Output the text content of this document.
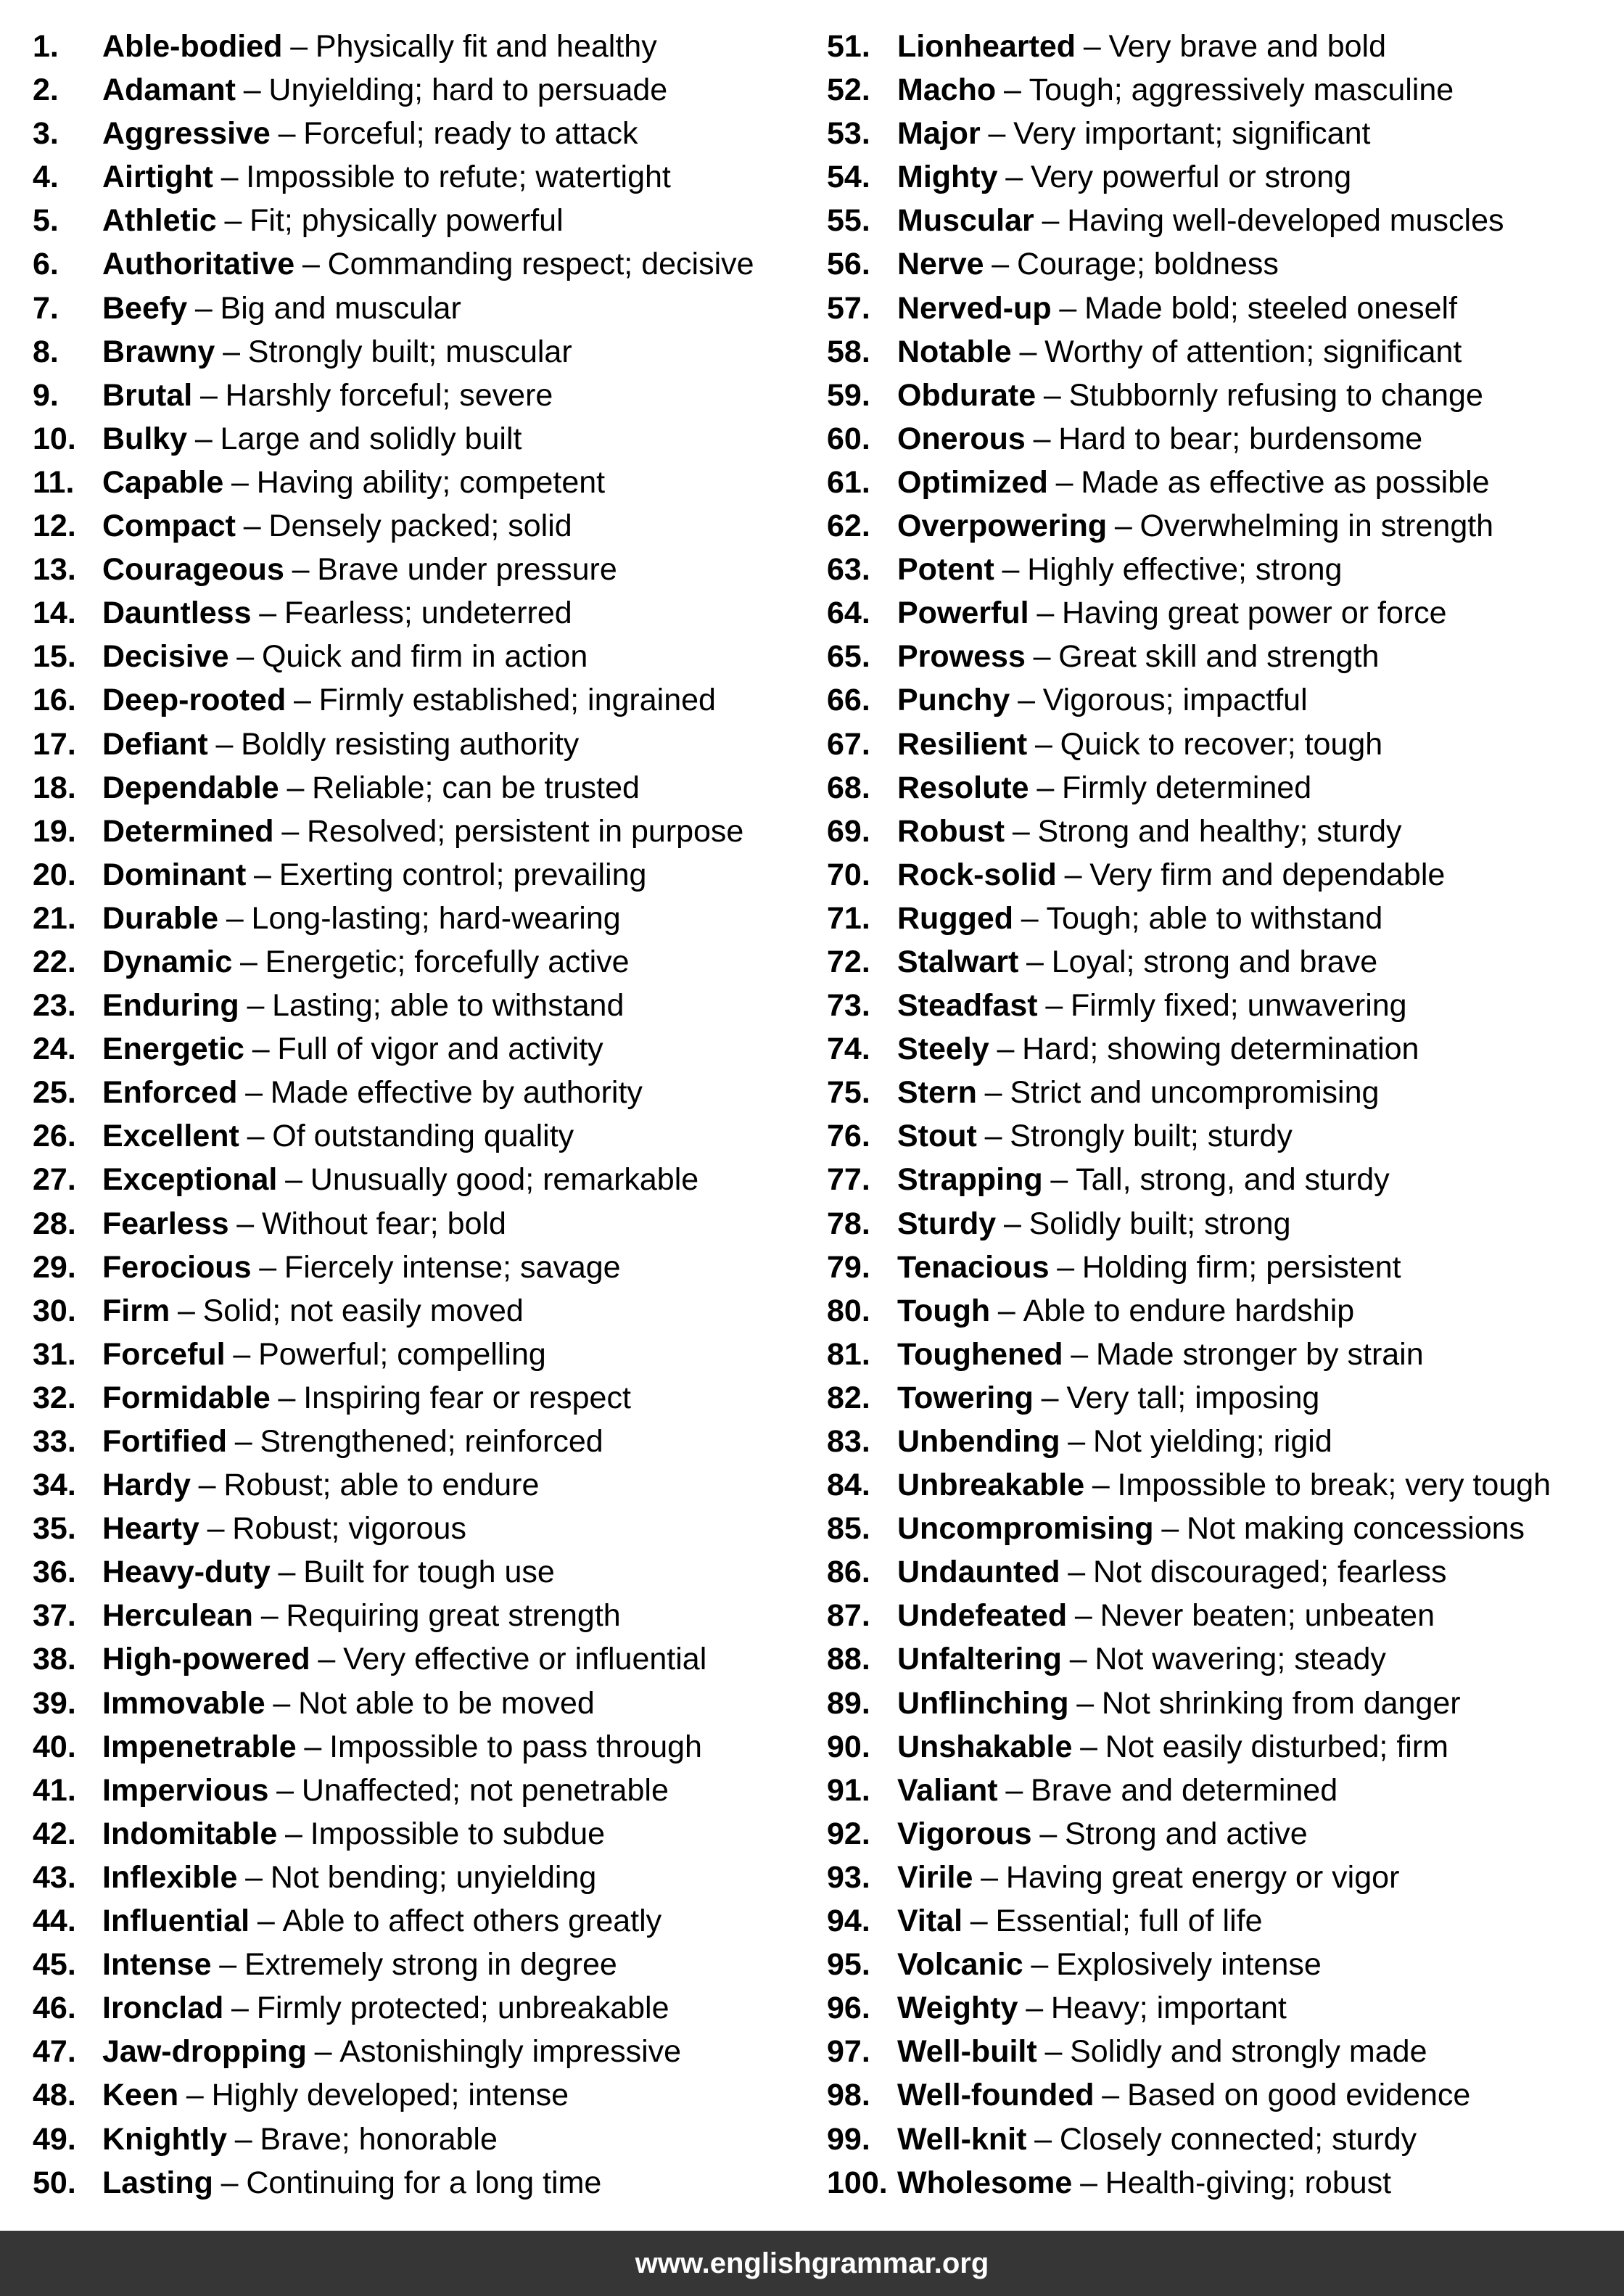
1.	Able-bodied – Physically fit and healthy
2.	Adamant – Unyielding; hard to persuade
3.	Aggressive – Forceful; ready to attack
4.	Airtight – Impossible to refute; watertight
5.	Athletic – Fit; physically powerful
6.	Authoritative – Commanding respect; decisive
7.	Beefy – Big and muscular
8.	Brawny – Strongly built; muscular
9.	Brutal – Harshly forceful; severe
10. Bulky – Large and solidly built
11. Capable – Having ability; competent
12. Compact – Densely packed; solid
13. Courageous – Brave under pressure
14. Dauntless – Fearless; undeterred
15. Decisive – Quick and firm in action
16. Deep-rooted – Firmly established; ingrained
17. Defiant – Boldly resisting authority
18. Dependable – Reliable; can be trusted
19. Determined – Resolved; persistent in purpose
20. Dominant – Exerting control; prevailing
21. Durable – Long-lasting; hard-wearing
22. Dynamic – Energetic; forcefully active
23. Enduring – Lasting; able to withstand
24. Energetic – Full of vigor and activity
25. Enforced – Made effective by authority
26. Excellent – Of outstanding quality
27. Exceptional – Unusually good; remarkable
28. Fearless – Without fear; bold
29. Ferocious – Fiercely intense; savage
30. Firm – Solid; not easily moved
31. Forceful – Powerful; compelling
32. Formidable – Inspiring fear or respect
33. Fortified – Strengthened; reinforced
34. Hardy – Robust; able to endure
35. Hearty – Robust; vigorous
36. Heavy-duty – Built for tough use
37. Herculean – Requiring great strength
38. High-powered – Very effective or influential
39. Immovable – Not able to be moved
40. Impenetrable – Impossible to pass through
41. Impervious – Unaffected; not penetrable
42. Indomitable – Impossible to subdue
43. Inflexible – Not bending; unyielding
44. Influential – Able to affect others greatly
45. Intense – Extremely strong in degree
46. Ironclad – Firmly protected; unbreakable
47. Jaw-dropping – Astonishingly impressive
48. Keen – Highly developed; intense
49. Knightly – Brave; honorable
50. Lasting – Continuing for a long time
51. Lionhearted – Very brave and bold
52. Macho – Tough; aggressively masculine
53. Major – Very important; significant
54. Mighty – Very powerful or strong
55. Muscular – Having well-developed muscles
56. Nerve – Courage; boldness
57. Nerved-up – Made bold; steeled oneself
58. Notable – Worthy of attention; significant
59. Obdurate – Stubbornly refusing to change
60. Onerous – Hard to bear; burdensome
61. Optimized – Made as effective as possible
62. Overpowering – Overwhelming in strength
63. Potent – Highly effective; strong
64. Powerful – Having great power or force
65. Prowess – Great skill and strength
66. Punchy – Vigorous; impactful
67. Resilient – Quick to recover; tough
68. Resolute – Firmly determined
69. Robust – Strong and healthy; sturdy
70. Rock-solid – Very firm and dependable
71. Rugged – Tough; able to withstand
72. Stalwart – Loyal; strong and brave
73. Steadfast – Firmly fixed; unwavering
74. Steely – Hard; showing determination
75. Stern – Strict and uncompromising
76. Stout – Strongly built; sturdy
77. Strapping – Tall, strong, and sturdy
78. Sturdy – Solidly built; strong
79. Tenacious – Holding firm; persistent
80. Tough – Able to endure hardship
81. Toughened – Made stronger by strain
82. Towering – Very tall; imposing
83. Unbending – Not yielding; rigid
84. Unbreakable – Impossible to break; very tough
85. Uncompromising – Not making concessions
86. Undaunted – Not discouraged; fearless
87. Undefeated – Never beaten; unbeaten
88. Unfaltering – Not wavering; steady
89. Unflinching – Not shrinking from danger
90. Unshakable – Not easily disturbed; firm
91. Valiant – Brave and determined
92. Vigorous – Strong and active
93. Virile – Having great energy or vigor
94. Vital – Essential; full of life
95. Volcanic – Explosively intense
96. Weighty – Heavy; important
97. Well-built – Solidly and strongly made
98. Well-founded – Based on good evidence
99. Well-knit – Closely connected; sturdy
100. Wholesome – Health-giving; robust
www.englishgrammar.org
